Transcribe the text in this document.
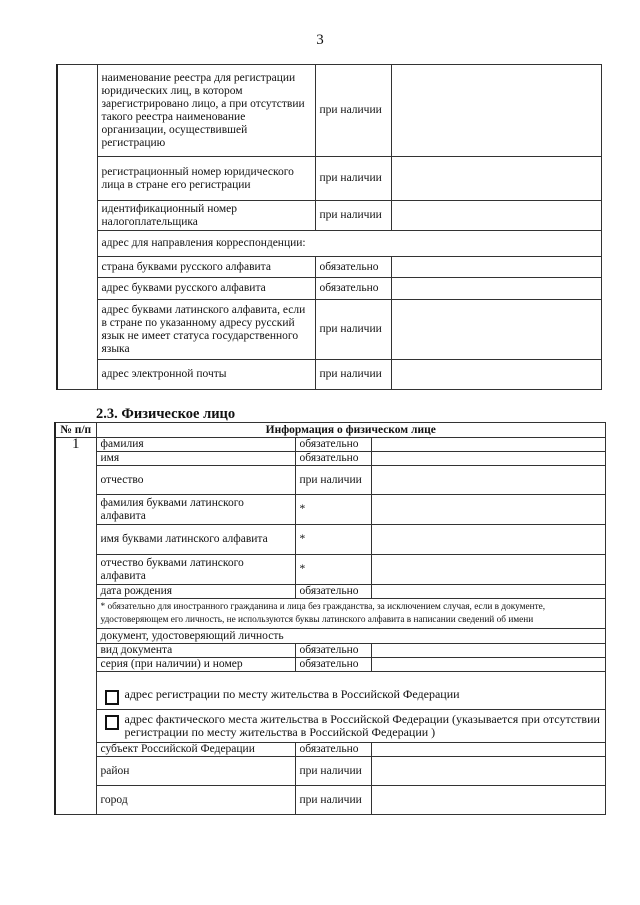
3
	наименование реестра для регистрации юридических лиц, в котором зарегистрировано лицо, а при отсутствии такого реестра наименование организации, осуществившей регистрацию	при наличии	
	регистрационный номер юридического лица в стране его регистрации	при наличии	
	идентификационный номер налогоплательщика	при наличии	
	адрес для направления корреспонденции:		
	страна буквами русского алфавита	обязательно	
	адрес буквами русского алфавита	обязательно	
	адрес буквами латинского алфавита, если в стране по указанному адресу русский язык не имеет статуса государственного языка	при наличии	
	адрес электронной почты	при наличии	
2.3. Физическое лицо
№ п/п	Информация о физическом лице		
1	фамилия	обязательно	
	имя	обязательно	
	отчество	при наличии	
	фамилия буквами латинского алфавита	*	
	имя буквами латинского алфавита	*	
	отчество буквами латинского алфавита	*	
	дата рождения	обязательно	
	* обязательно для иностранного гражданина и лица без гражданства, за исключением случая, если в документе, удостоверяющем его личность, не используются буквы латинского алфавита в написании сведений об имени		
	документ, удостоверяющий личность		
	вид документа	обязательно	
	серия (при наличии) и номер	обязательно	

	адрес регистрации по месту жительства в Российской Федерации		

	адрес фактического места жительства в Российской Федерации (указывается при отсутствии регистрации по месту жительства в Российской Федерации )		

	субъект Российской Федерации	обязательно	
	район	при наличии	
	город	при наличии	
